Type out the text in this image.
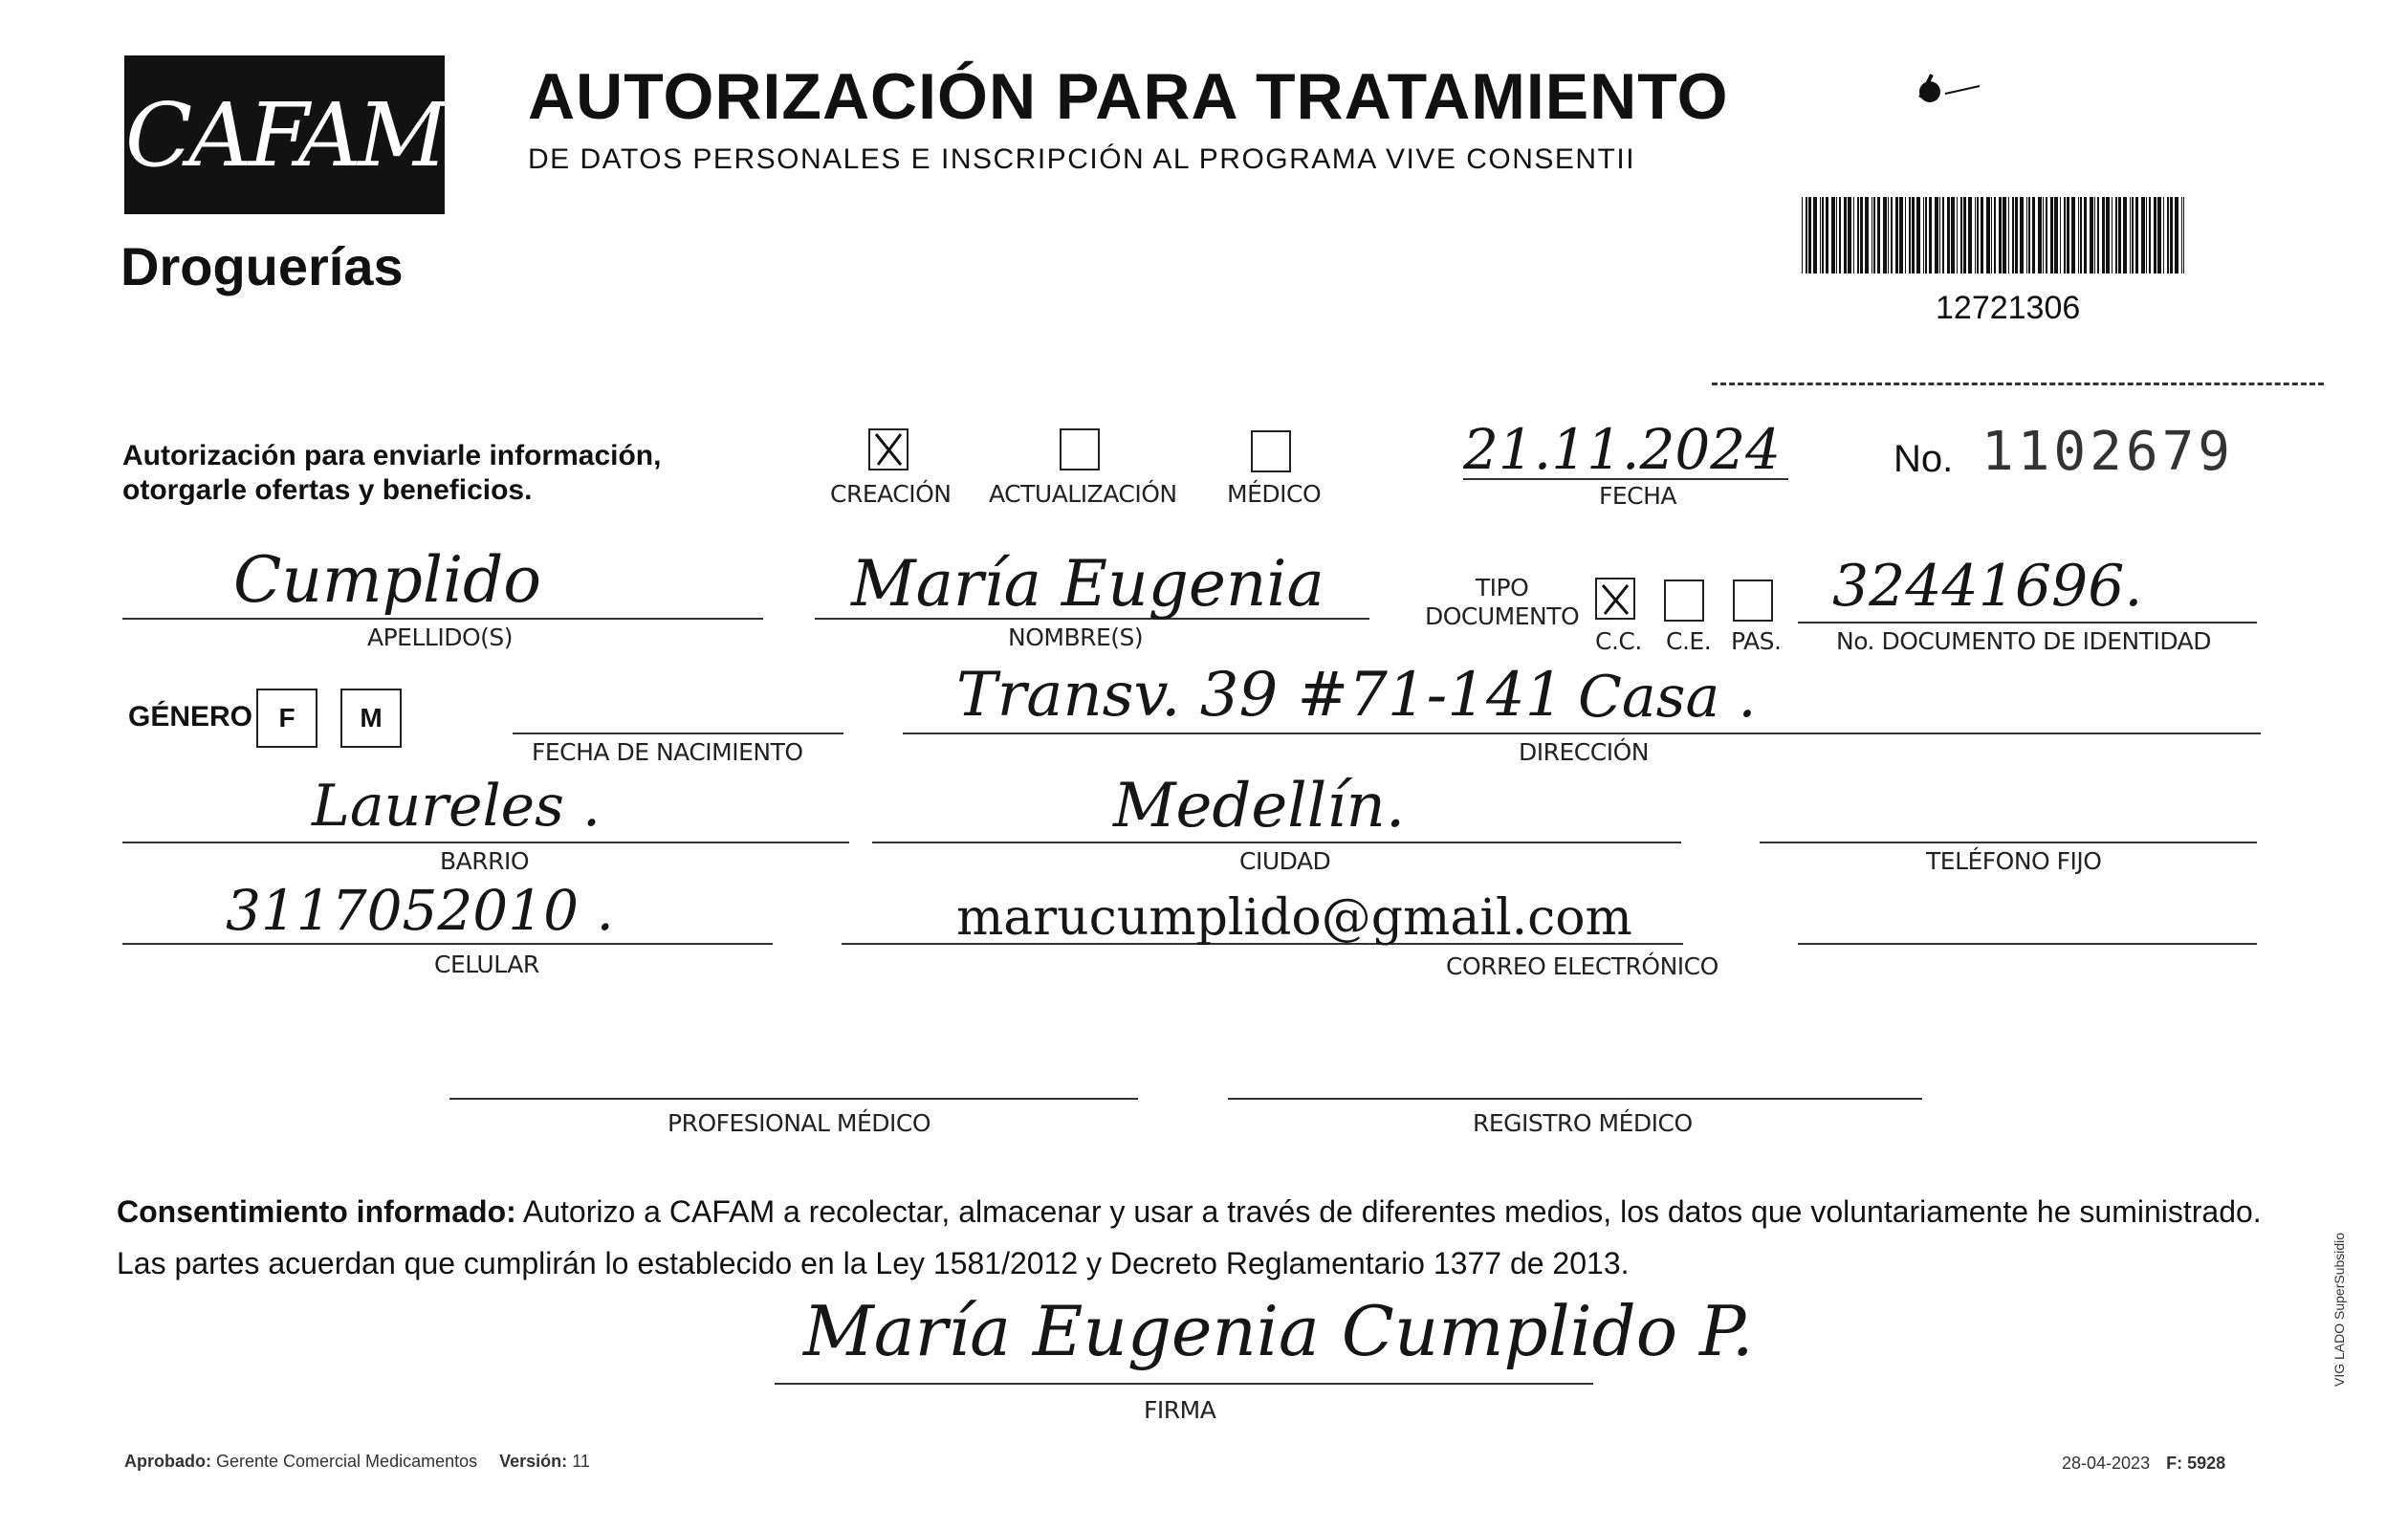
CAFAM
Droguerías
AUTORIZACIÓN PARA TRATAMIENTO
DE DATOS PERSONALES E INSCRIPCIÓN AL PROGRAMA VIVE CONSENTII
12721306
Autorización para enviarle información,
otorgarle ofertas y beneficios.	CREACIÓN ACTUALIZACIÓN MÉDICO
21.11.2024
FECHA
No. 1102679
Cumplido
APELLIDO(S)
María Eugenia
NOMBRE(S)
TIPO
DOCUMENTO
C.C. C.E. PAS.
32441696.
No. DOCUMENTO DE IDENTIDAD
GÉNERO F M
FECHA DE NACIMIENTO
Transv. 39 #71-141 Casa .
DIRECCIÓN
Laureles .
BARRIO
Medellín.
CIUDAD	TELÉFONO FIJO
3117052010 .
CELULAR
marucumplido@gmail.com
CORREO ELECTRÓNICO
PROFESIONAL MÉDICO	REGISTRO MÉDICO
Consentimiento informado: Autorizo a CAFAM a recolectar, almacenar y usar a través de diferentes medios, los datos que voluntariamente he suministrado.
Las partes acuerdan que cumplirán lo establecido en la Ley 1581/2012 y Decreto Reglamentario 1377 de 2013.
María Eugenia Cumplido P.
FIRMA
Aprobado: Gerente Comercial Medicamentos Versión: 11	28-04-2023 F: 5928
VIG LADO SuperSubsidio
